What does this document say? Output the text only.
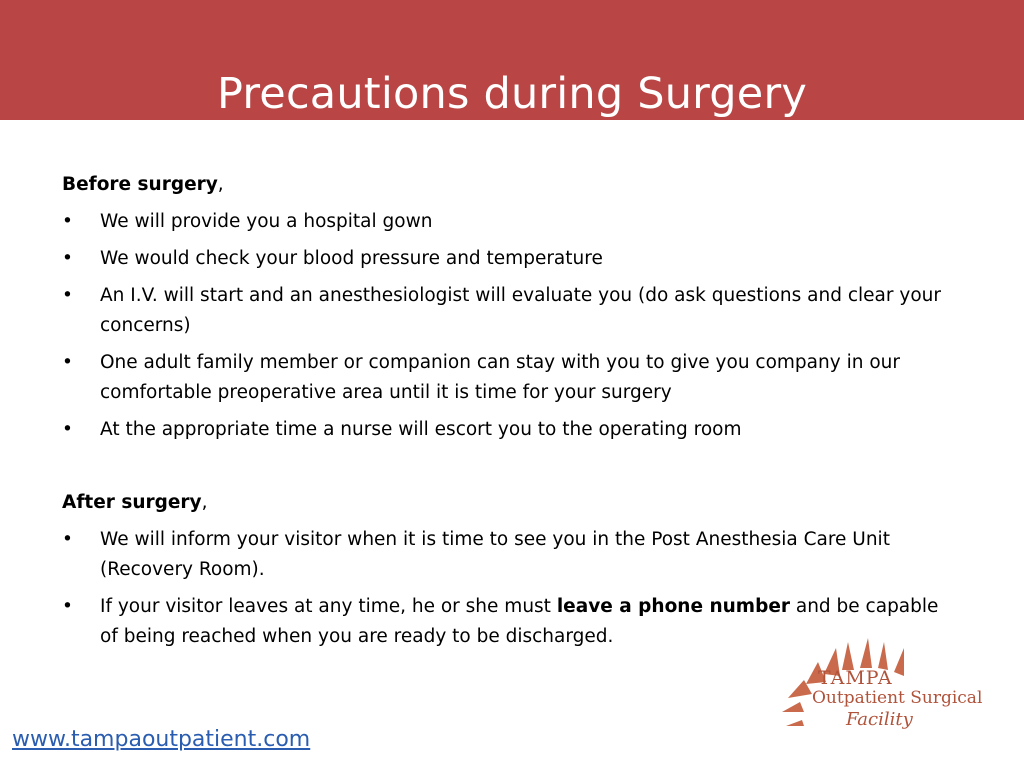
Precautions during Surgery
Before surgery,
• We will provide you a hospital gown
• We would check your blood pressure and temperature
• An I.V. will start and an anesthesiologist will evaluate you (do ask questions and clear your concerns)
• One adult family member or companion can stay with you to give you company in our comfortable preoperative area until it is time for your surgery
• At the appropriate time a nurse will escort you to the operating room
After surgery,
• We will inform your visitor when it is time to see you in the Post Anesthesia Care Unit (Recovery Room).
• If your visitor leaves at any time, he or she must leave a phone number and be capable of being reached when you are ready to be discharged.
www.tampaoutpatient.com
TAMPA
Outpatient Surgical
Facility
